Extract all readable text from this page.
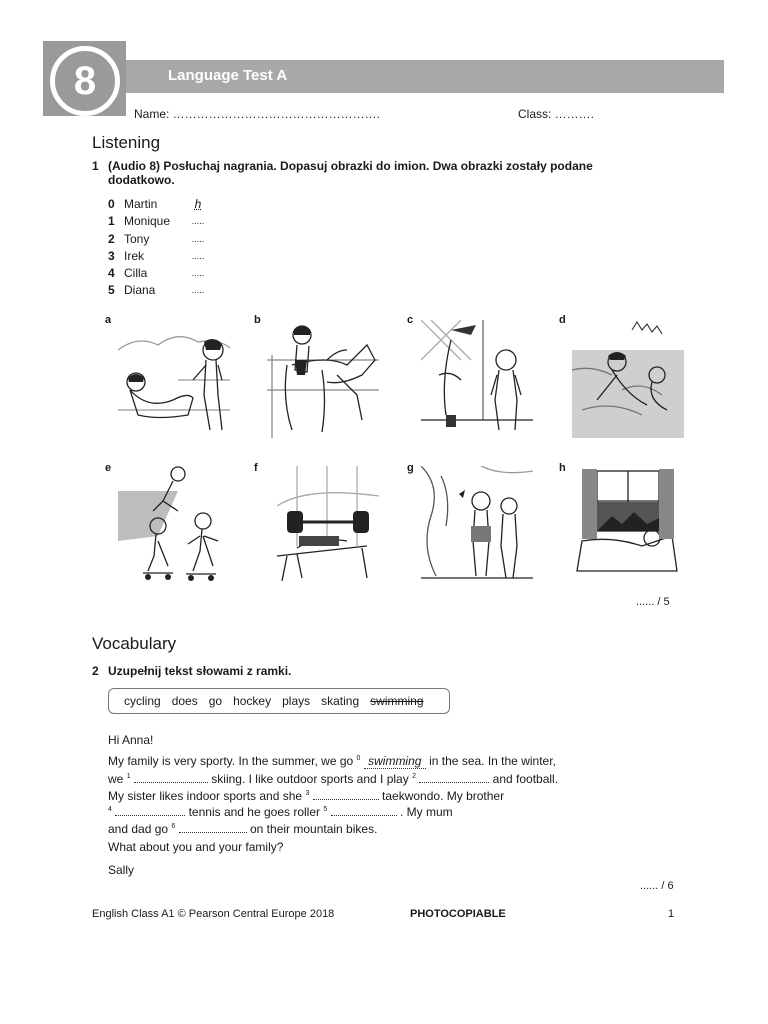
8	Language Test A
Name: …………………………………………….	Class: ……….
Listening
1 (Audio 8) Posłuchaj nagrania. Dopasuj obrazki do imion. Dwa obrazki zostały podane dodatkowo.
0 Martin	h
1 Monique	.....
2 Tony	.....
3 Irek	.....
4 Cilla	.....
5 Diana	.....
a	b	c	d
e	f	g	h
...... / 5
Vocabulary
2 Uzupełnij tekst słowami z ramki.
cycling does go hockey plays skating swimming
Hi Anna!
My family is very sporty. In the summer, we go $^0$ swimming in the sea. In the winter,
we $^1$	skiing. I like outdoor sports and I play $^2$	and football.
My sister likes indoor sports and she $^3$	taekwondo. My brother
$^4$	tennis and he goes roller $^5$	. My mum
and dad go $^6$	on their mountain bikes.
What about you and your family?
Sally
...... / 6
English Class A1 © Pearson Central Europe 2018	PHOTOCOPIABLE	1
